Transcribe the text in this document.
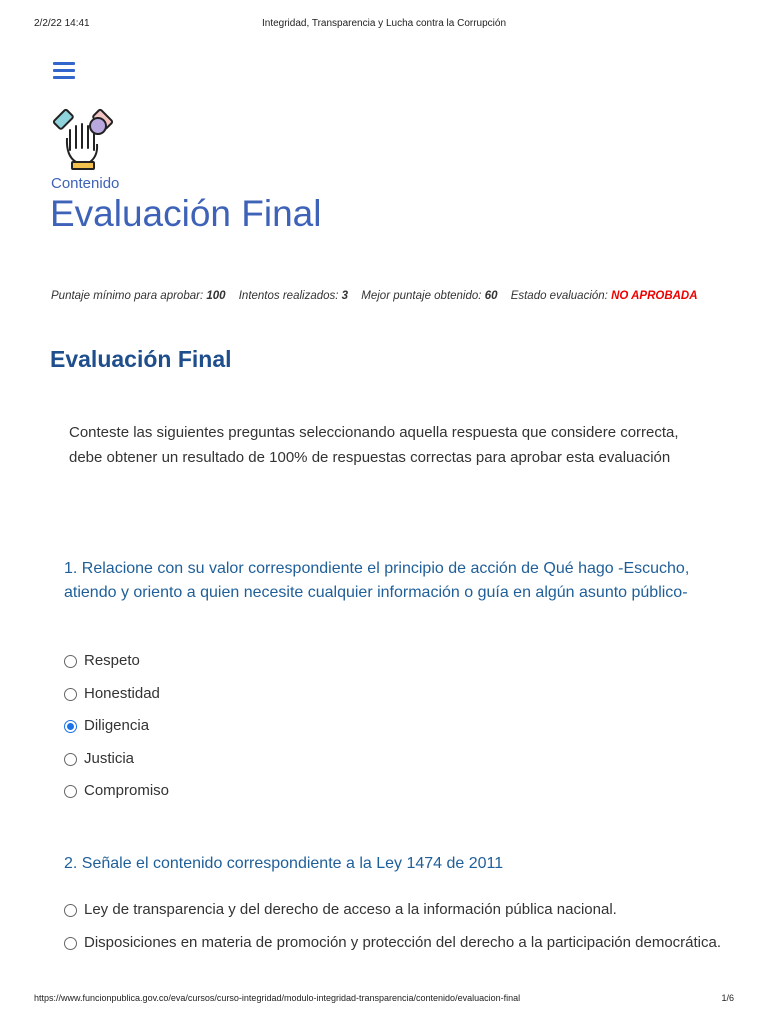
2/2/22 14:41	Integridad, Transparencia y Lucha contra la Corrupción
Contenido
Evaluación Final
Puntaje mínimo para aprobar: 100 Intentos realizados: 3 Mejor puntaje obtenido: 60 Estado evaluación: NO APROBADA
Evaluación Final

Conteste las siguientes preguntas seleccionando aquella respuesta que considere correcta, debe obtener un resultado de 100% de respuestas correctas para aprobar esta evaluación

1. Relacione con su valor correspondiente el principio de acción de Qué hago -Escucho, atiendo y oriento a quien necesite cualquier información o guía en algún asunto público-
Respeto
Honestidad
Diligencia
Justicia
Compromiso
2. Señale el contenido correspondiente a la Ley 1474 de 2011
Ley de transparencia y del derecho de acceso a la información pública nacional.
Disposiciones en materia de promoción y protección del derecho a la participación democrática.
https://www.funcionpublica.gov.co/eva/cursos/curso-integridad/modulo-integridad-transparencia/contenido/evaluacion-final	1/6
